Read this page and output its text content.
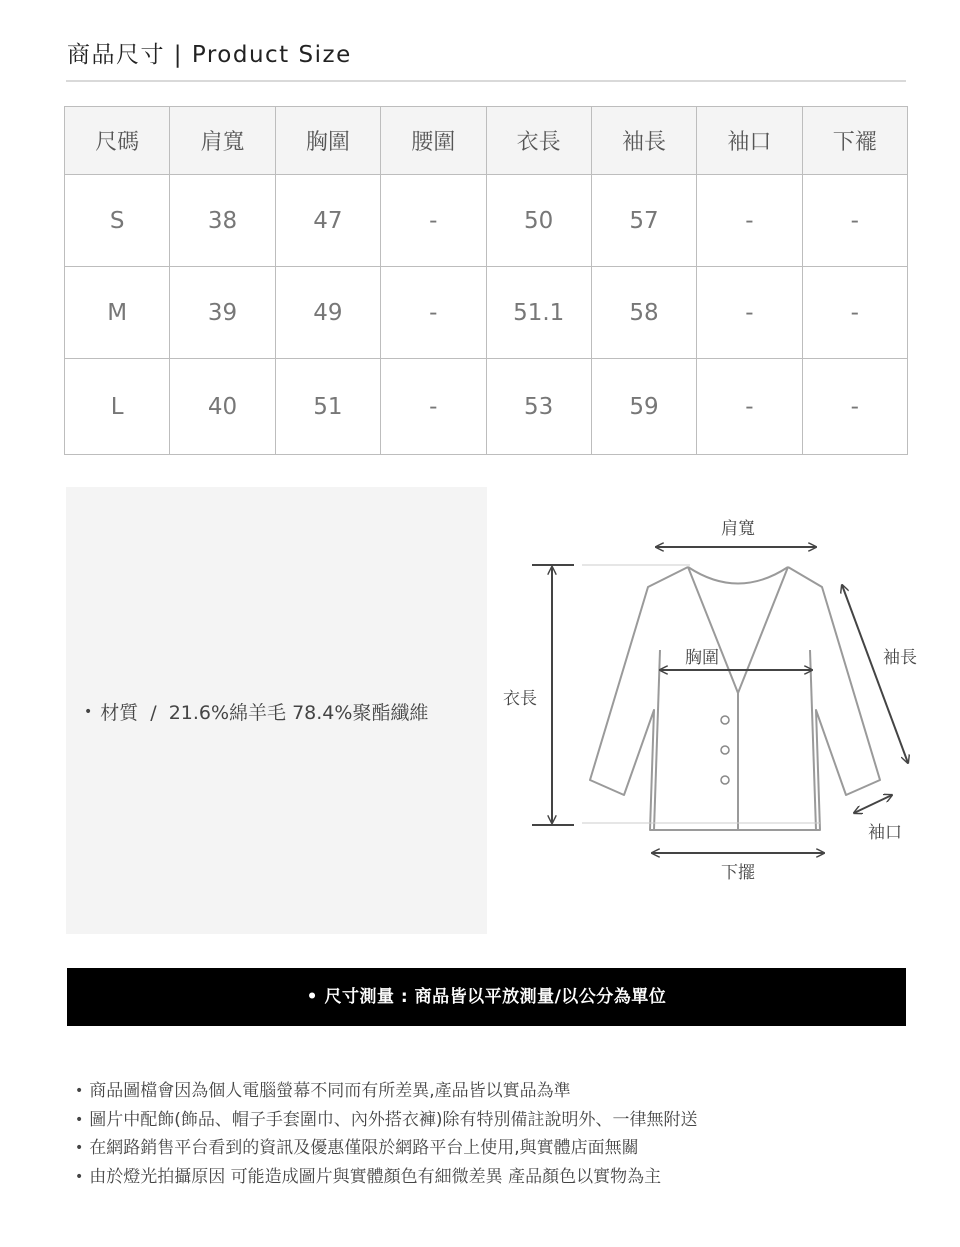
商品尺寸 | Product Size
尺碼	肩寬	胸圍	腰圍	衣長	袖長	袖口	下襬
S	38	47	-	50	57	-	-
M	39	49	-	51.1	58	-	-
L	40	51	-	53	59	-	-
• 材質 / 21.6%綿羊毛 78.4%聚酯纖維
肩寬
胸圍	袖長
衣長
袖口
下擺
• 尺寸測量 : 商品皆以平放測量/以公分為單位
• 商品圖檔會因為個人電腦螢幕不同而有所差異,產品皆以實品為準
• 圖片中配飾(飾品、帽子手套圍巾、內外搭衣褲)除有特別備註說明外、一律無附送
• 在網路銷售平台看到的資訊及優惠僅限於網路平台上使用,與實體店面無關
• 由於燈光拍攝原因 可能造成圖片與實體顏色有細微差異 產品顏色以實物為主
